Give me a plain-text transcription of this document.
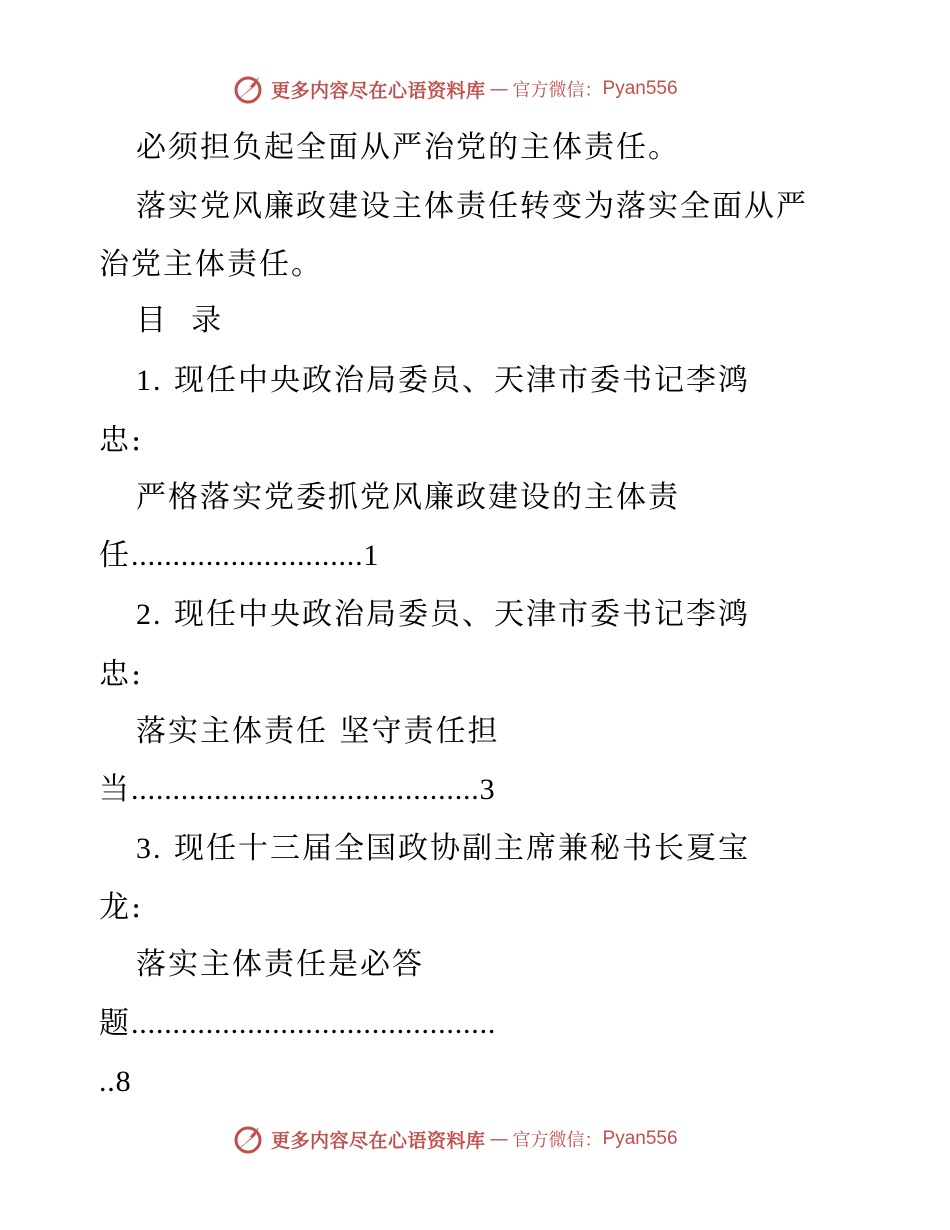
更多内容尽在心语资料库 — 官方微信： Pyan556
必须担负起全面从严治党的主体责任。
落实党风廉政建设主体责任转变为落实全面从严
治党主体责任。
目  录
1. 现任中央政治局委员、天津市委书记李鸿
忠:
严格落实党委抓党风廉政建设的主体责
任............................1
2. 现任中央政治局委员、天津市委书记李鸿
忠:
落实主体责任 坚守责任担
当..........................................3
3. 现任十三届全国政协副主席兼秘书长夏宝
龙:
落实主体责任是必答
题............................................
..8
更多内容尽在心语资料库 — 官方微信： Pyan556
